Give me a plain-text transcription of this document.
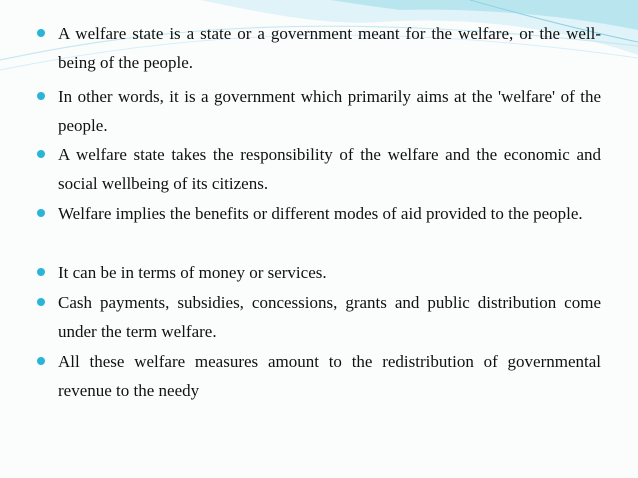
A welfare state is a state or a government meant for the welfare, or the well-being of the people.
In other words, it is a government which primarily aims at the 'welfare' of the people.
A welfare state takes the responsibility of the welfare and the economic and social wellbeing of its citizens.
Welfare implies the benefits or different modes of aid provided to the people.
It can be in terms of money or services.
Cash payments, subsidies, concessions, grants and public distribution come under the term welfare.
All these welfare measures amount to the redistribution of governmental revenue to the needy
